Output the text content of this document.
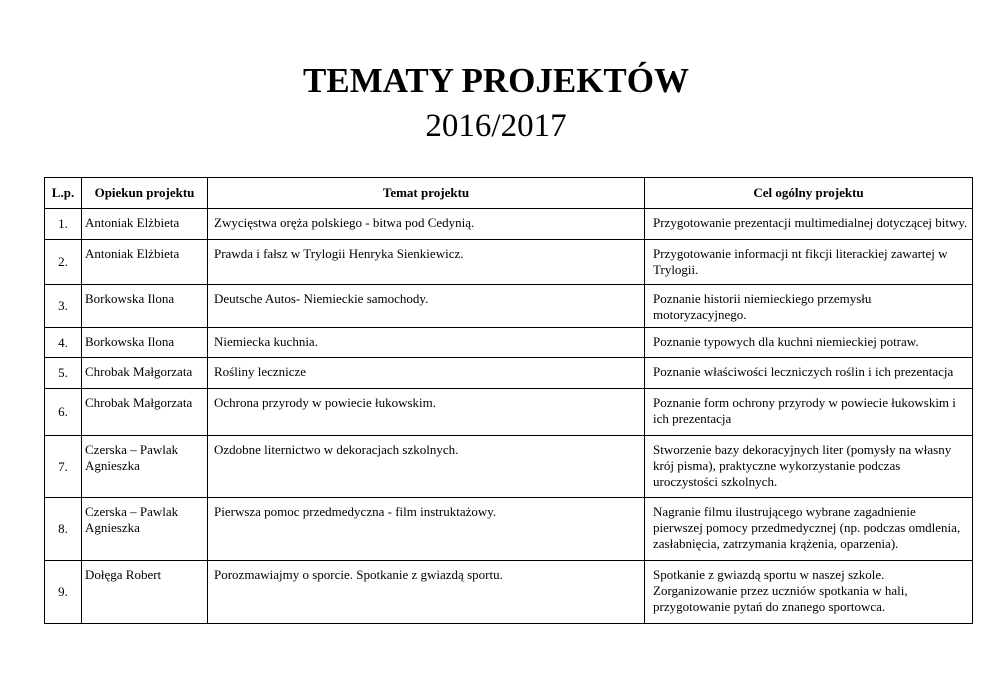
TEMATY PROJEKTÓW
2016/2017
L.p.	Opiekun projektu	Temat projektu	Cel ogólny projektu
1.	Antoniak Elżbieta	Zwycięstwa oręża polskiego - bitwa pod Cedynią.	Przygotowanie prezentacji multimedialnej dotyczącej bitwy.
2.	Antoniak Elżbieta	Prawda i fałsz w Trylogii Henryka Sienkiewicz.	Przygotowanie informacji nt fikcji literackiej zawartej w Trylogii.
3.	Borkowska Ilona	Deutsche Autos- Niemieckie samochody.	Poznanie historii niemieckiego przemysłu motoryzacyjnego.
4.	Borkowska Ilona	Niemiecka kuchnia.	Poznanie typowych dla kuchni niemieckiej potraw.
5.	Chrobak Małgorzata	Rośliny lecznicze	Poznanie właściwości leczniczych roślin i ich prezentacja
6.	Chrobak Małgorzata	Ochrona przyrody w powiecie łukowskim.	Poznanie form ochrony przyrody w powiecie łukowskim i ich prezentacja
7.	Czerska – Pawlak Agnieszka	Ozdobne liternictwo w dekoracjach szkolnych.	Stworzenie bazy dekoracyjnych liter (pomysły na własny krój pisma), praktyczne wykorzystanie podczas uroczystości szkolnych.
8.	Czerska – Pawlak Agnieszka	Pierwsza pomoc przedmedyczna - film instruktażowy.	Nagranie filmu ilustrującego wybrane zagadnienie pierwszej pomocy przedmedycznej (np. podczas omdlenia, zasłabnięcia, zatrzymania krążenia, oparzenia).
9.	Dołęga Robert	Porozmawiajmy o sporcie. Spotkanie z gwiazdą sportu.	Spotkanie z gwiazdą sportu w naszej szkole. Zorganizowanie przez uczniów spotkania w hali, przygotowanie pytań do znanego sportowca.
